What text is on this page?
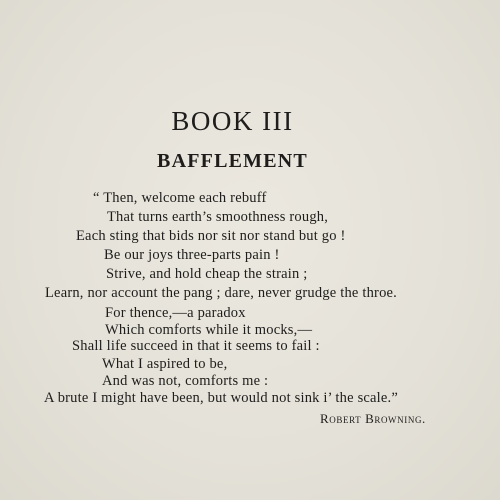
BOOK III
BAFFLEMENT

“ Then, welcome each rebuff

That turns earth’s smoothness rough,

Each sting that bids nor sit nor stand but go !

Be our joys three-parts pain !

Strive, and hold cheap the strain ;

Learn, nor account the pang ; dare, never grudge the throe.

For thence,—a paradox

Which comforts while it mocks,—

Shall life succeed in that it seems to fail :

What I aspired to be,

And was not, comforts me :

A brute I might have been, but would not sink i’ the scale.”

Robert Browning.
